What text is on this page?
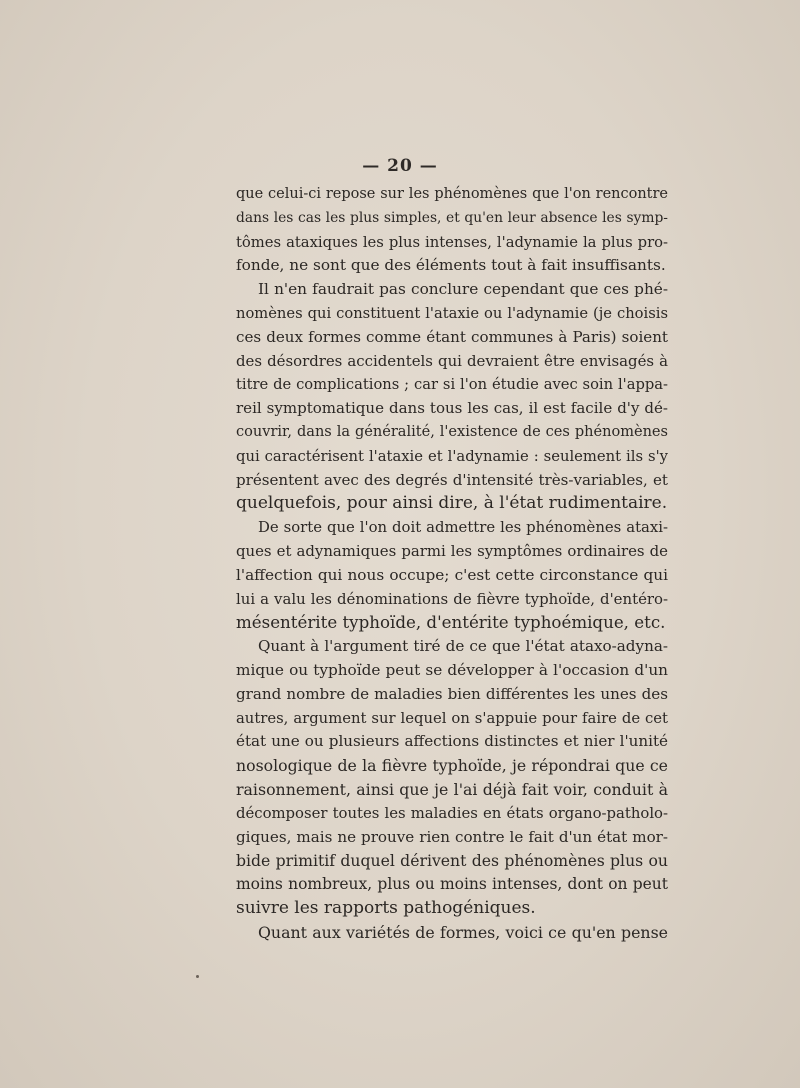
— 20 —
que celui-ci repose sur les phénomènes que l'on rencontre
dans les cas les plus simples, et qu'en leur absence les symp-
tômes ataxiques les plus intenses, l'adynamie la plus pro-
fonde, ne sont que des éléments tout à fait insuffisants.
Il n'en faudrait pas conclure cependant que ces phé-
nomènes qui constituent l'ataxie ou l'adynamie (je choisis
ces deux formes comme étant communes à Paris) soient
des désordres accidentels qui devraient être envisagés à
titre de complications ; car si l'on étudie avec soin l'appa-
reil symptomatique dans tous les cas, il est facile d'y dé-
couvrir, dans la généralité, l'existence de ces phénomènes
qui caractérisent l'ataxie et l'adynamie : seulement ils s'y
présentent avec des degrés d'intensité très-variables, et
quelquefois, pour ainsi dire, à l'état rudimentaire.
De sorte que l'on doit admettre les phénomènes ataxi-
ques et adynamiques parmi les symptômes ordinaires de
l'affection qui nous occupe; c'est cette circonstance qui
lui a valu les dénominations de fièvre typhoïde, d'entéro-
mésentérite typhoïde, d'entérite typhoémique, etc.
Quant à l'argument tiré de ce que l'état ataxo-adyna-
mique ou typhoïde peut se développer à l'occasion d'un
grand nombre de maladies bien différentes les unes des
autres, argument sur lequel on s'appuie pour faire de cet
état une ou plusieurs affections distinctes et nier l'unité
nosologique de la fièvre typhoïde, je répondrai que ce
raisonnement, ainsi que je l'ai déjà fait voir, conduit à
décomposer toutes les maladies en états organo-patholo-
giques, mais ne prouve rien contre le fait d'un état mor-
bide primitif duquel dérivent des phénomènes plus ou
moins nombreux, plus ou moins intenses, dont on peut
suivre les rapports pathogéniques.
Quant aux variétés de formes, voici ce qu'en pense
